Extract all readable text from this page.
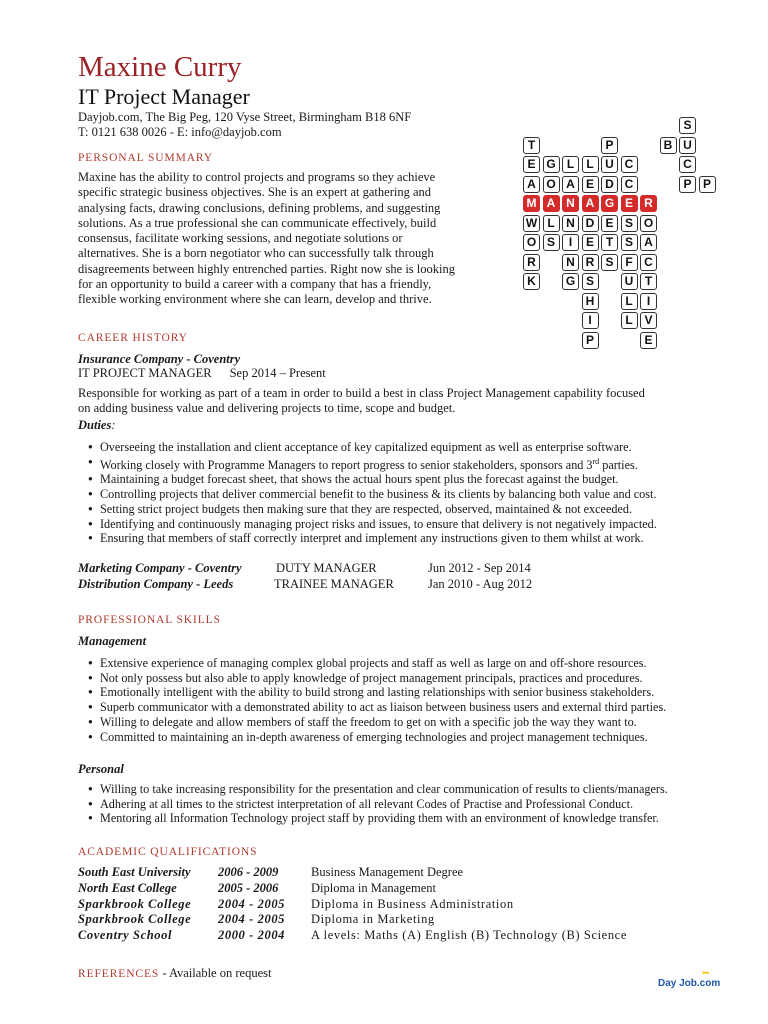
Maxine Curry
IT Project Manager
Dayjob.com, The Big Peg, 120 Vyse Street, Birmingham B18 6NF
T: 0121 638 0026 - E: info@dayjob.com	S
T	P	B U
E G L	L U C	C
A O A E D C	P P
M A N A G E R
W L N D E S O
O S	I	E T S A
R	N R S F C
K	G S	U T
H	L	I
I	L V
P	E
PERSONAL SUMMARY
Maxine has the ability to control projects and programs so they achieve
specific strategic business objectives. She is an expert at gathering and
analysing facts, drawing conclusions, defining problems, and suggesting
solutions. As a true professional she can communicate effectively, build
consensus, facilitate working sessions, and negotiate solutions or
alternatives. She is a born negotiator who can successfully talk through
disagreements between highly entrenched parties. Right now she is looking
for an opportunity to build a career with a company that has a friendly,
flexible working environment where she can learn, develop and thrive.
CAREER HISTORY
Insurance Company - Coventry
IT PROJECT MANAGER Sep 2014 – Present
Responsible for working as part of a team in order to build a best in class Project Management capability focused
on adding business value and delivering projects to time, scope and budget.
Duties:
● Overseeing the installation and client acceptance of key capitalized equipment as well as enterprise software.
● Working closely with Programme Managers to report progress to senior stakeholders, sponsors and 3rd parties.
● Maintaining a budget forecast sheet, that shows the actual hours spent plus the forecast against the budget.
● Controlling projects that deliver commercial benefit to the business & its clients by balancing both value and cost.
● Setting strict project budgets then making sure that they are respected, observed, maintained & not exceeded.
● Identifying and continuously managing project risks and issues, to ensure that delivery is not negatively impacted.
● Ensuring that members of staff correctly interpret and implement any instructions given to them whilst at work.
Marketing Company - Coventry	DUTY MANAGER	Jun 2012 - Sep 2014
Distribution Company - Leeds	TRAINEE MANAGER	Jan 2010 - Aug 2012
PROFESSIONAL SKILLS
Management
● Extensive experience of managing complex global projects and staff as well as large on and off-shore resources.
● Not only possess but also able to apply knowledge of project management principals, practices and procedures.
● Emotionally intelligent with the ability to build strong and lasting relationships with senior business stakeholders.
● Superb communicator with a demonstrated ability to act as liaison between business users and external third parties.
● Willing to delegate and allow members of staff the freedom to get on with a specific job the way they want to.
● Committed to maintaining an in-depth awareness of emerging technologies and project management techniques.
Personal
● Willing to take increasing responsibility for the presentation and clear communication of results to clients/managers.
● Adhering at all times to the strictest interpretation of all relevant Codes of Practise and Professional Conduct.
● Mentoring all Information Technology project staff by providing them with an environment of knowledge transfer.
ACADEMIC QUALIFICATIONS
South East University 2006 - 2009	Business Management Degree
North East College	2005 - 2006	Diploma in Management
Sparkbrook College 2004 - 2005 Diploma in Business Administration
Sparkbrook College 2004 - 2005 Diploma in Marketing
Coventry School	2000 - 2004 A levels: Maths (A) English (B) Technology (B) Science
REFERENCES - Available on request	•••
Day Job.com
